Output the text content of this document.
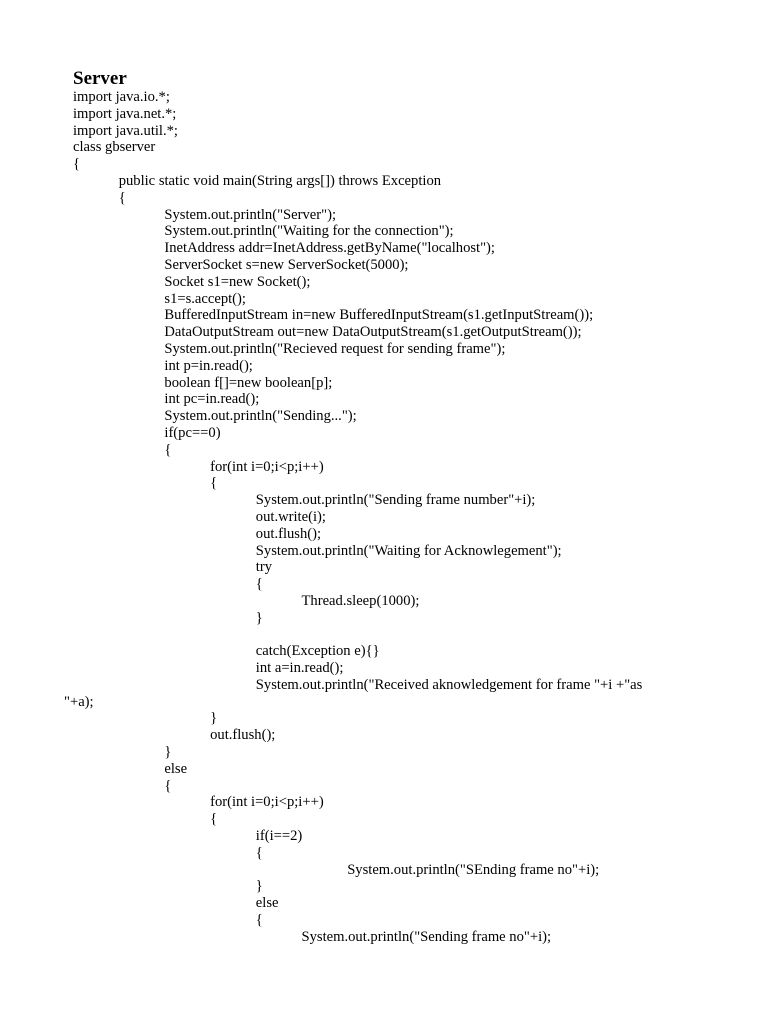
Server
import java.io.*;
import java.net.*;
import java.util.*;
class gbserver
{
public static void main(String args[]) throws Exception
{
System.out.println("Server");
System.out.println("Waiting for the connection");
InetAddress addr=InetAddress.getByName("localhost");
ServerSocket s=new ServerSocket(5000);
Socket s1=new Socket();
s1=s.accept();
BufferedInputStream in=new BufferedInputStream(s1.getInputStream());
DataOutputStream out=new DataOutputStream(s1.getOutputStream());
System.out.println("Recieved request for sending frame");
int p=in.read();
boolean f[]=new boolean[p];
int pc=in.read();
System.out.println("Sending...");
if(pc==0)
{
for(int i=0;i<p;i++)
{
System.out.println("Sending frame number"+i);
out.write(i);
out.flush();
System.out.println("Waiting for Acknowlegement");
try
{
Thread.sleep(1000);
}
catch(Exception e){}
int a=in.read();
System.out.println("Received aknowledgement for frame "+i +"as
"+a);
}
out.flush();
}
else
{
for(int i=0;i<p;i++)
{
if(i==2)
{
System.out.println("SEnding frame no"+i);
}
else
{
System.out.println("Sending frame no"+i);
